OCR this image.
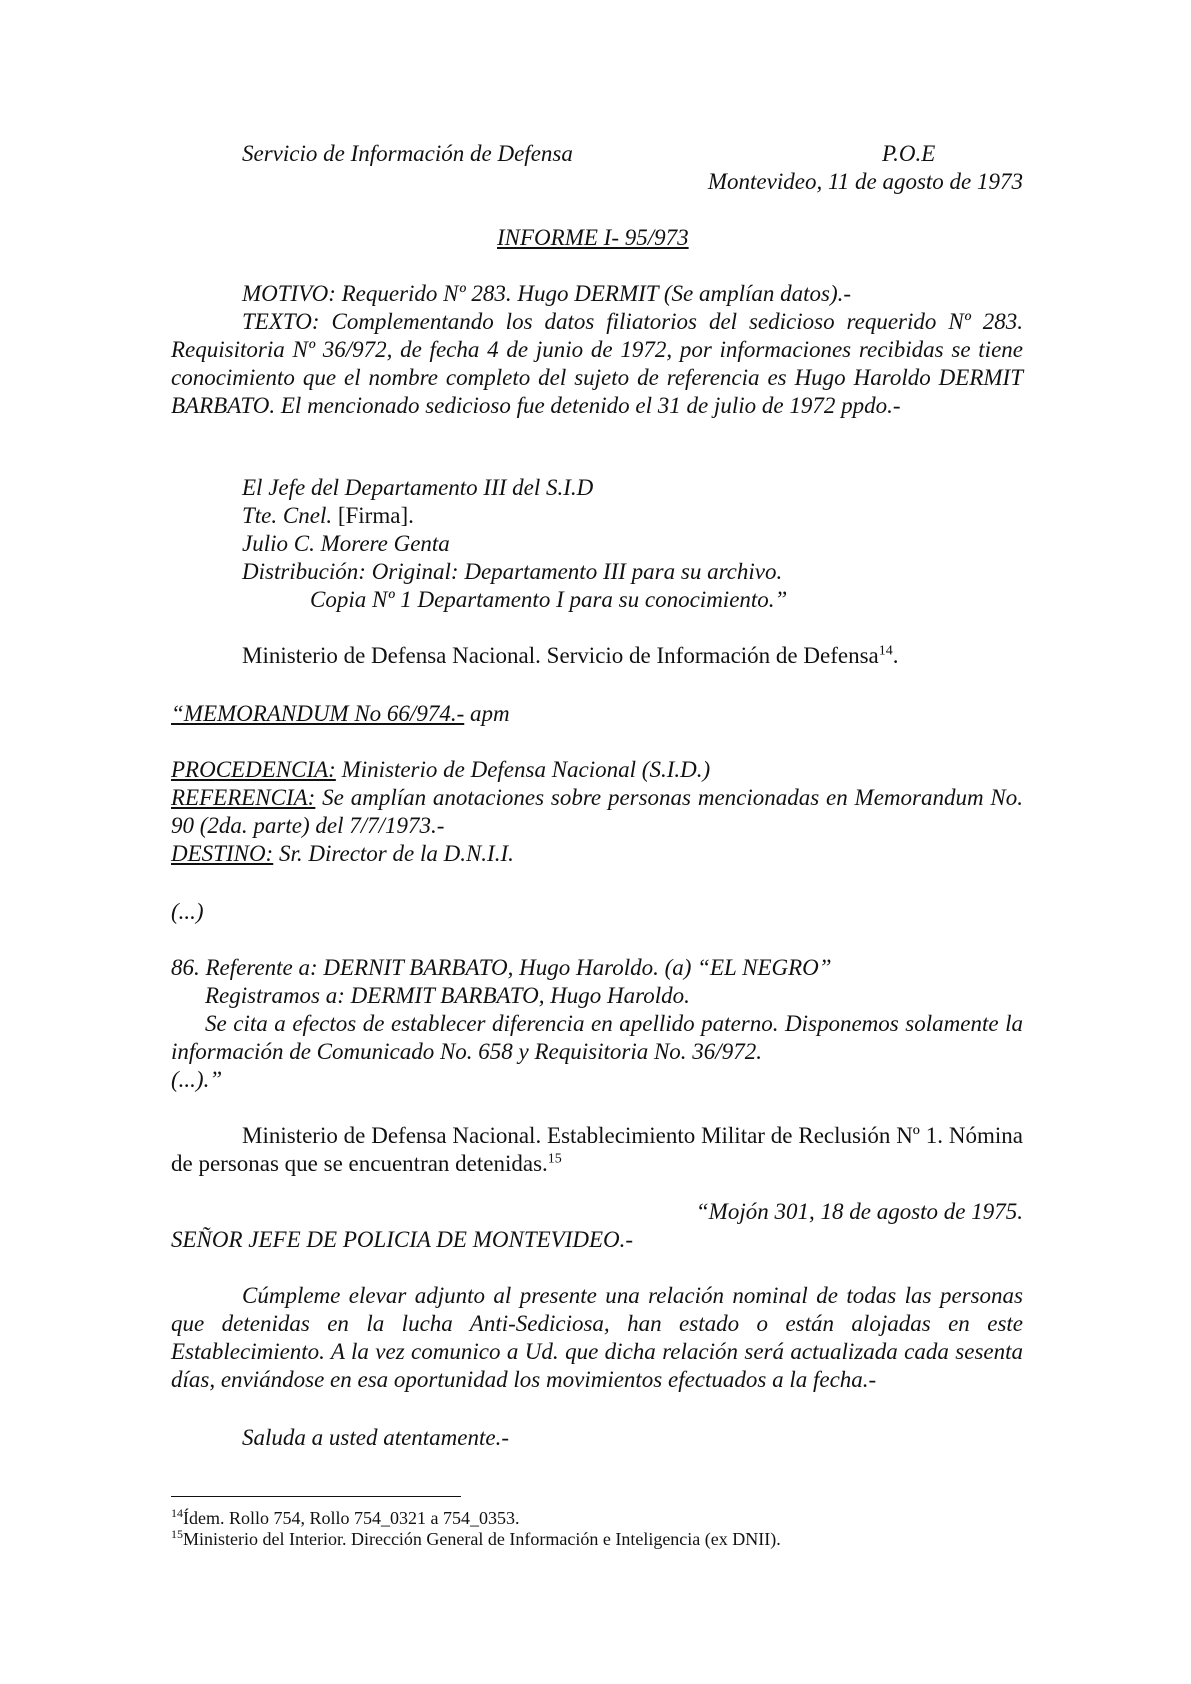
Servicio de Información de Defensa	P.O.E
Montevideo, 11 de agosto de 1973
INFORME I- 95/973
MOTIVO: Requerido Nº 283. Hugo DERMIT (Se amplían datos).-
TEXTO: Complementando los datos filiatorios del sedicioso requerido Nº 283. Requisitoria Nº 36/972, de fecha 4 de junio de 1972, por informaciones recibidas se tiene conocimiento que el nombre completo del sujeto de referencia es Hugo Haroldo DERMIT BARBATO. El mencionado sedicioso fue detenido el 31 de julio de 1972 ppdo.-
El Jefe del Departamento III del S.I.D
Tte. Cnel. [Firma].
Julio C. Morere Genta
Distribución: Original: Departamento III para su archivo.
Copia Nº 1 Departamento I para su conocimiento.”
Ministerio de Defensa Nacional. Servicio de Información de Defensa$^{14}$.
“MEMORANDUM No 66/974.- apm
PROCEDENCIA: Ministerio de Defensa Nacional (S.I.D.)
REFERENCIA: Se amplían anotaciones sobre personas mencionadas en Memorandum No. 90 (2da. parte) del 7/7/1973.-
DESTINO: Sr. Director de la D.N.I.I.
(...)
86. Referente a: DERNIT BARBATO, Hugo Haroldo. (a) “EL NEGRO”
Registramos a: DERMIT BARBATO, Hugo Haroldo.
Se cita a efectos de establecer diferencia en apellido paterno. Disponemos solamente la información de Comunicado No. 658 y Requisitoria No. 36/972.
(...).”
Ministerio de Defensa Nacional. Establecimiento Militar de Reclusión Nº 1. Nómina de personas que se encuentran detenidas.$^{15}$
“Mojón 301, 18 de agosto de 1975.
SEÑOR JEFE DE POLICIA DE MONTEVIDEO.-
Cúmpleme elevar adjunto al presente una relación nominal de todas las personas que detenidas en la lucha Anti-Sediciosa, han estado o están alojadas en este Establecimiento. A la vez comunico a Ud. que dicha relación será actualizada cada sesenta días, enviándose en esa oportunidad los movimientos efectuados a la fecha.-
Saluda a usted atentamente.-
$^{14}$Ídem. Rollo 754, Rollo 754_0321 a 754_0353.
$^{15}$Ministerio del Interior. Dirección General de Información e Inteligencia (ex DNII).
